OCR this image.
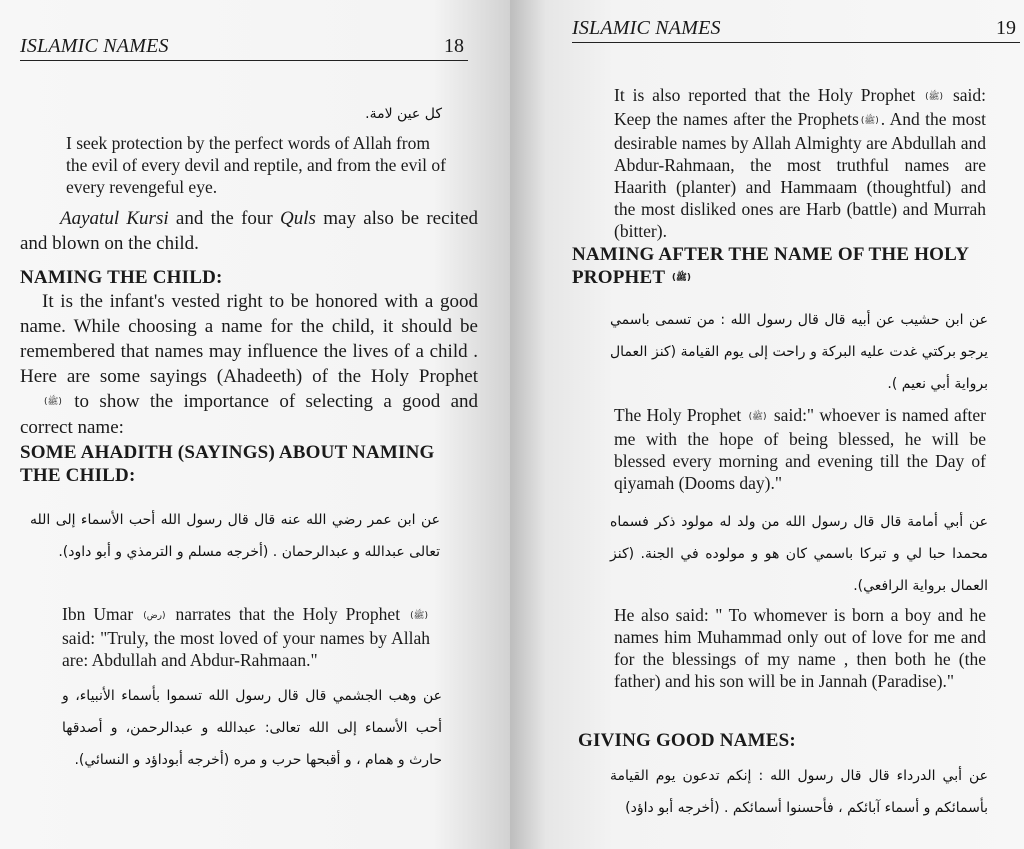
ISLAMIC NAMES	18
كل عين لامة.
I seek protection by the perfect words of Allah from the evil of every devil and reptile, and from the evil of every revengeful eye.
Aayatul Kursi and the four Quls may also be recited and blown on the child.
NAMING THE CHILD:
It is the infant's vested right to be honored with a good name. While choosing a name for the child, it should be remembered that names may influence the lives of a child . Here are some sayings (Ahadeeth) of the Holy Prophet (ﷺ) to show the importance of selecting a good and correct name:
SOME AHADITH (SAYINGS) ABOUT NAMING THE CHILD:
عن ابن عمر رضي الله عنه قال قال رسول الله أحب الأسماء إلى الله تعالى عبدالله و عبدالرحمان . (أخرجه مسلم و الترمذي و أبو داود).
Ibn Umar (رض) narrates that the Holy Prophet (ﷺ) said: "Truly, the most loved of your names by Allah are: Abdullah and Abdur-Rahmaan."
عن وهب الجشمي قال قال رسول الله تسموا بأسماء الأنبياء، و أحب الأسماء إلى الله تعالى: عبدالله و عبدالرحمن، و أصدقها حارث و همام ، و أقبحها حرب و مره (أخرجه أبوداؤد و النسائي).
ISLAMIC NAMES	19
It is also reported that the Holy Prophet (ﷺ) said: Keep the names after the Prophets (ﷺ) . And the most desirable names by Allah Almighty are Abdullah and Abdur-Rahmaan, the most truthful names are Haarith (planter) and Hammaam (thoughtful) and the most disliked ones are Harb (battle) and Murrah (bitter).
NAMING AFTER THE NAME OF THE HOLY PROPHET (ﷺ)
عن ابن حشيب عن أبيه قال قال رسول الله : من تسمى باسمي يرجو بركتي غدت عليه البركة و راحت إلى يوم القيامة (كنز العمال برواية أبي نعيم ).
The Holy Prophet (ﷺ) said:" whoever is named after me with the hope of being blessed, he will be blessed every morning and evening till the Day of qiyamah (Dooms day)."
عن أبي أمامة قال قال رسول الله من ولد له مولود ذكر فسماه محمدا حبا لي و تبركا باسمي كان هو و مولوده في الجنة. (كنز العمال برواية الرافعي).
He also said: " To whomever is born a boy and he names him Muhammad only out of love for me and for the blessings of my name , then both he (the father) and his son will be in Jannah (Paradise)."
GIVING GOOD NAMES:
عن أبي الدرداء قال قال رسول الله : إنكم تدعون يوم القيامة بأسمائكم و أسماء آبائكم ، فأحسنوا أسمائكم . (أخرجه أبو داؤد)
